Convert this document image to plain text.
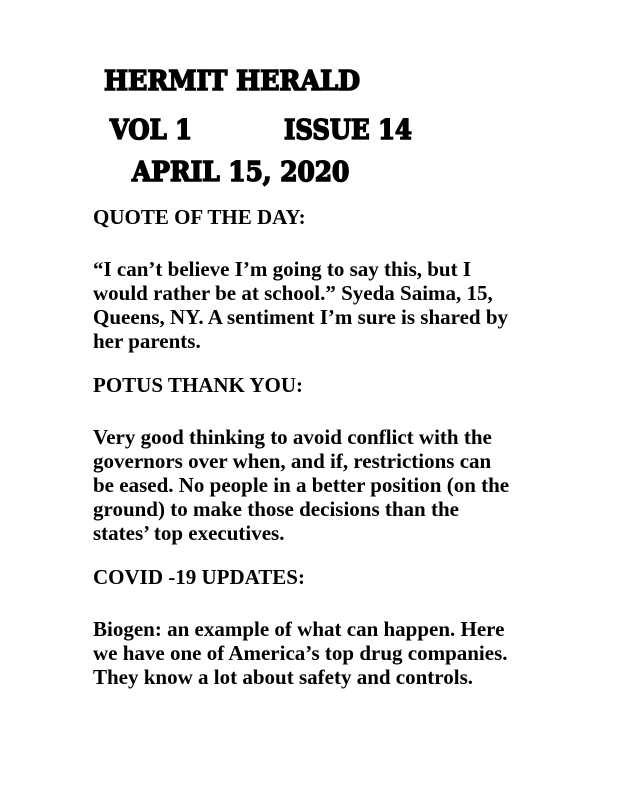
HERMIT HERALD
VOL 1	ISSUE 14
APRIL 15, 2020

QUOTE OF THE DAY:

“I can’t believe I’m going to say this, but I
would rather be at school.” Syeda Saima, 15,
Queens, NY. A sentiment I’m sure is shared by
her parents.

POTUS THANK YOU:

Very good thinking to avoid conflict with the
governors over when, and if, restrictions can
be eased. No people in a better position (on the
ground) to make those decisions than the
states’ top executives.

COVID -19 UPDATES:

Biogen: an example of what can happen. Here
we have one of America’s top drug companies.
They know a lot about safety and controls.
